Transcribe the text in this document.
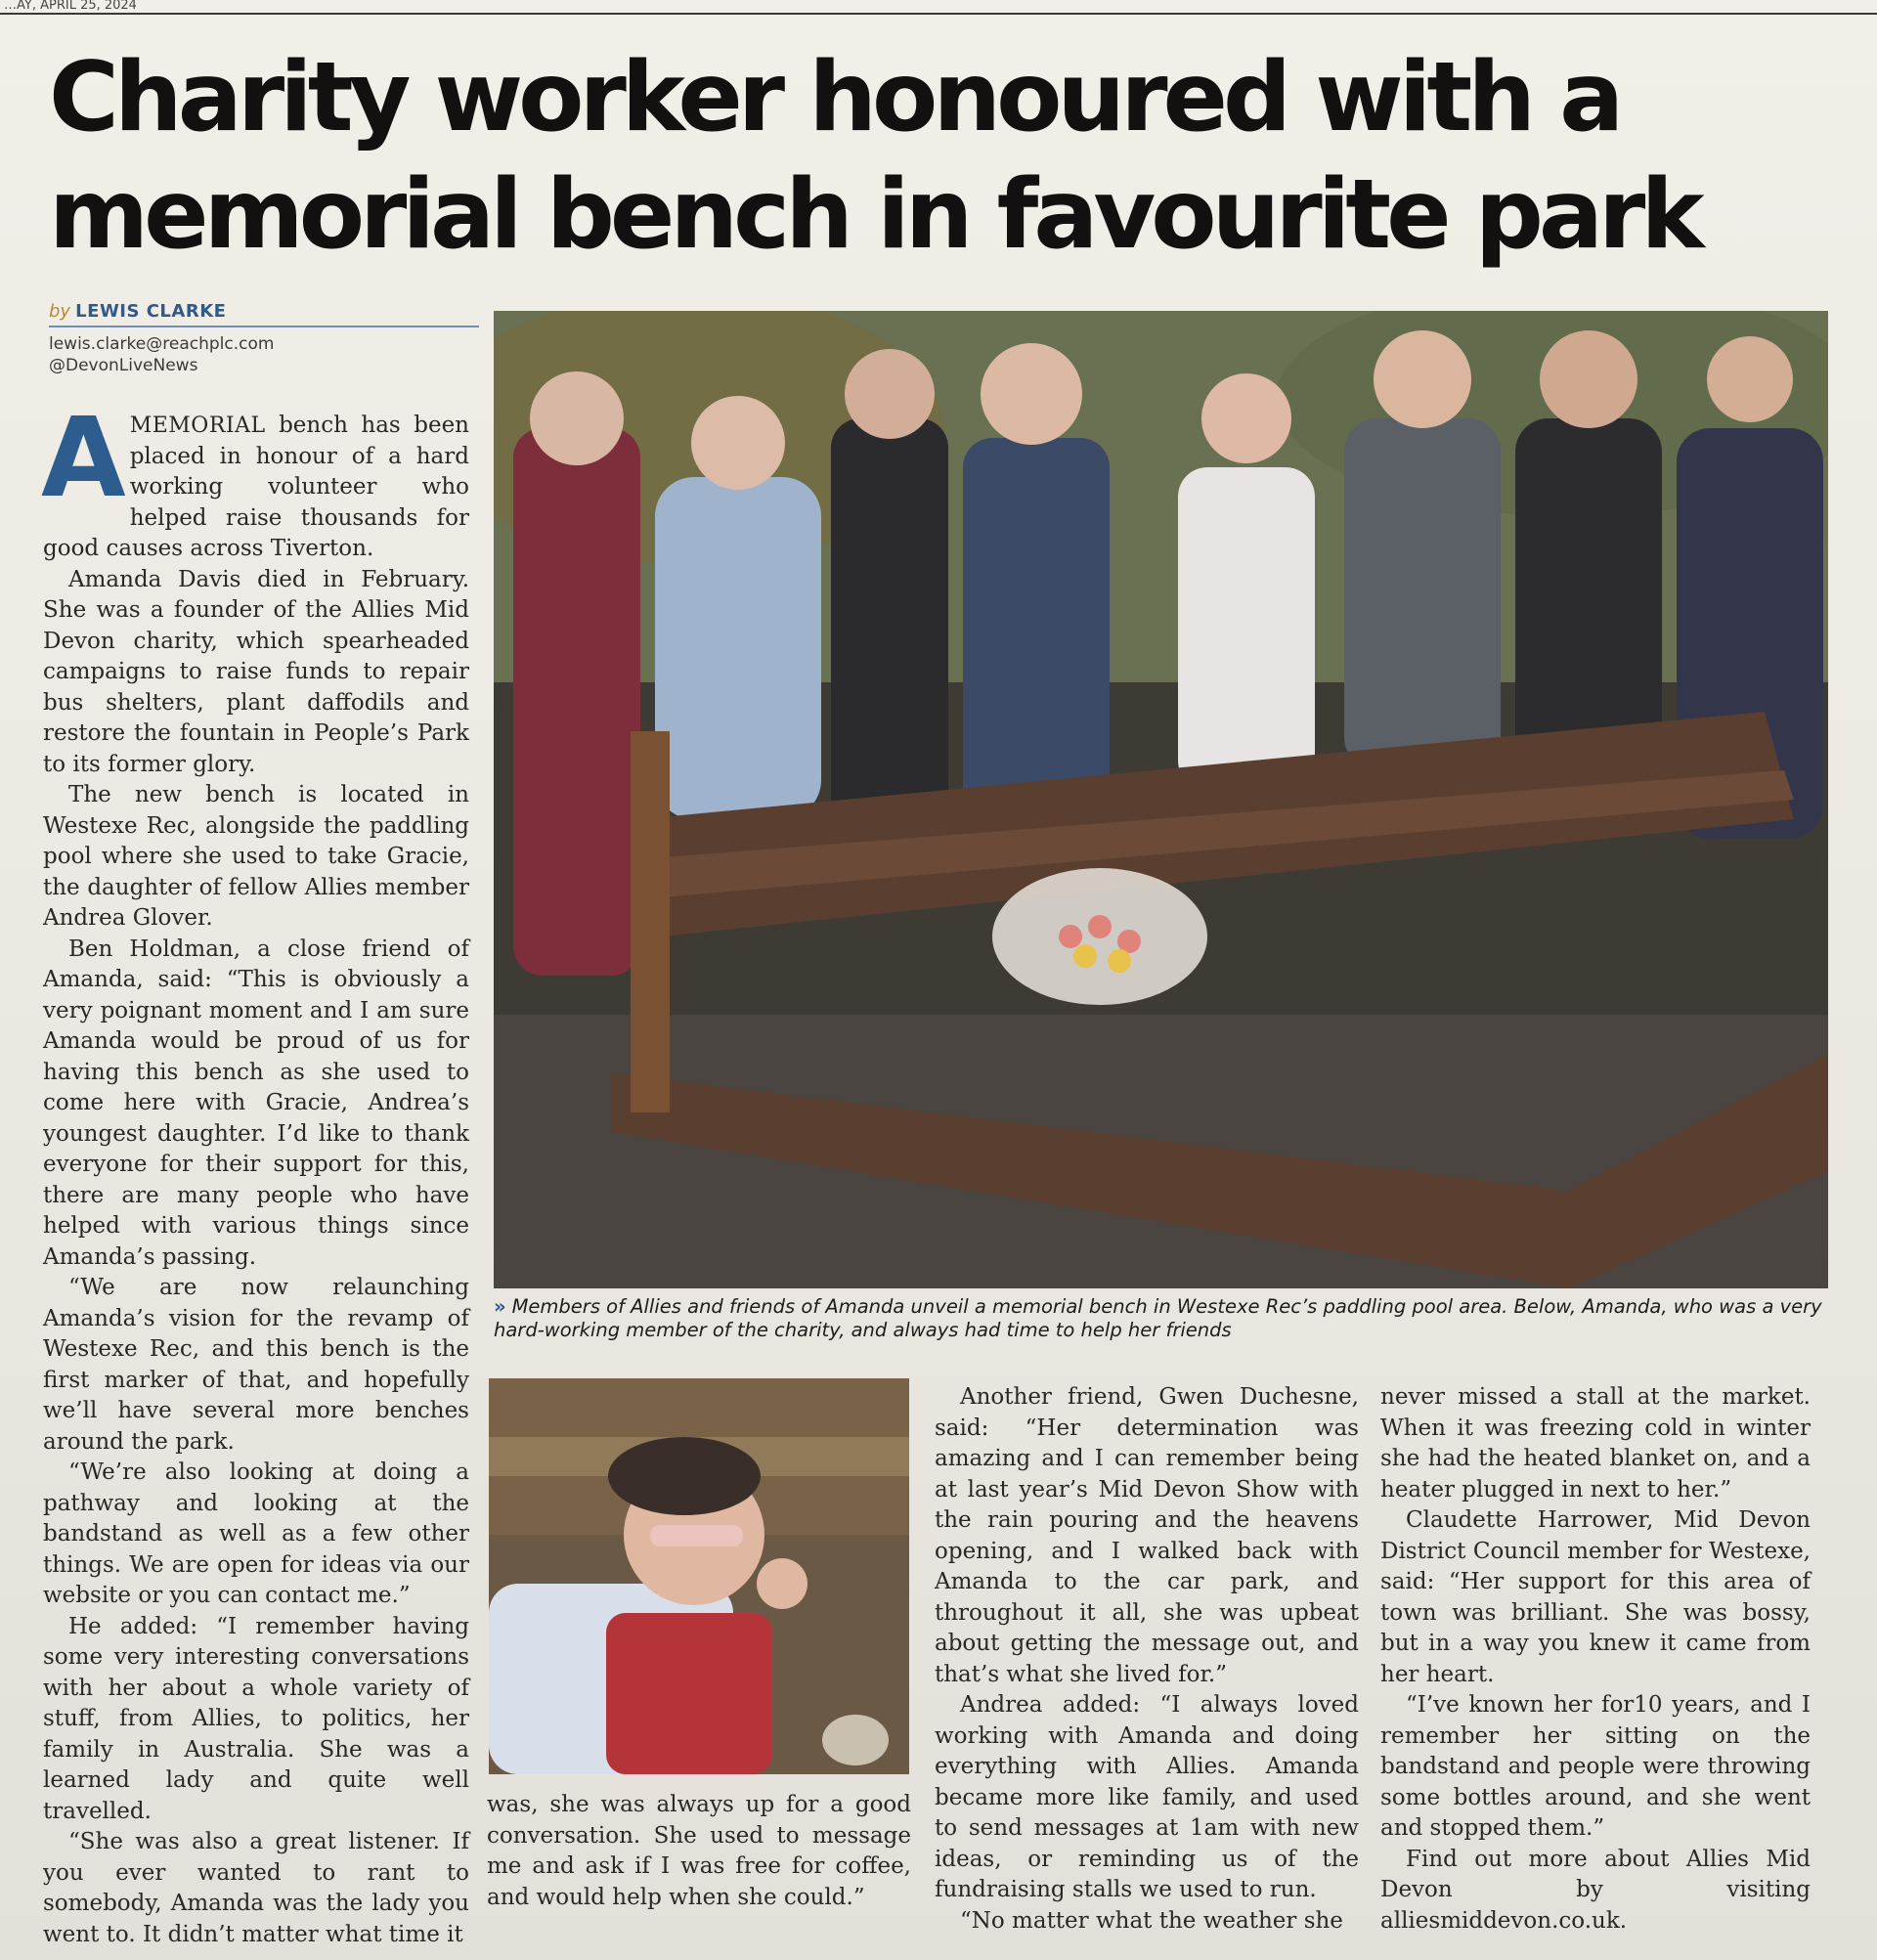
…AY, APRIL 25, 2024
Charity worker honoured with a
memorial bench in favourite park
by LEWIS CLARKE
lewis.clarke@reachplc.com
@DevonLiveNews

AMEMORIAL bench has been placed in honour of a hard working volunteer who helped raise thousands for good causes across Tiverton.

Amanda Davis died in February. She was a founder of the Allies Mid Devon charity, which spearheaded campaigns to raise funds to repair bus shelters, plant daffodils and restore the fountain in People’s Park to its former glory.

The new bench is located in Westexe Rec, alongside the paddling pool where she used to take Gracie, the daughter of fellow Allies member Andrea Glover.

Ben Holdman, a close friend of Amanda, said: “This is obviously a very poignant moment and I am sure Amanda would be proud of us for having this bench as she used to come here with Gracie, Andrea’s youngest daughter. I’d like to thank everyone for their support for this, there are many people who have helped with various things since Amanda’s passing.

“We are now relaunching Amanda’s vision for the revamp of Westexe Rec, and this bench is the first marker of that, and hopefully we’ll have several more benches around the park.

“We’re also looking at doing a pathway and looking at the bandstand as well as a few other things. We are open for ideas via our website or you can contact me.”

He added: “I remember having some very interesting conversations with her about a whole variety of stuff, from Allies, to politics, her family in Australia. She was a learned lady and quite well travelled.

“She was also a great listener. If you ever wanted to rant to somebody, Amanda was the lady you went to. It didn’t matter what time it

» Members of Allies and friends of Amanda unveil a memorial bench in Westexe Rec’s paddling pool area. Below, Amanda, who was a very hard-working member of the charity, and always had time to help her friends

was, she was always up for a good conversation. She used to message me and ask if I was free for coffee, and would help when she could.”

Another friend, Gwen Duchesne, said: “Her determination was amazing and I can remember being at last year’s Mid Devon Show with the rain pouring and the heavens opening, and I walked back with Amanda to the car park, and throughout it all, she was upbeat about getting the message out, and that’s what she lived for.”

Andrea added: “I always loved working with Amanda and doing everything with Allies. Amanda became more like family, and used to send messages at 1am with new ideas, or reminding us of the fundraising stalls we used to run.

“No matter what the weather she

never missed a stall at the market. When it was freezing cold in winter she had the heated blanket on, and a heater plugged in next to her.”

Claudette Harrower, Mid Devon District Council member for Westexe, said: “Her support for this area of town was brilliant. She was bossy, but in a way you knew it came from her heart.

“I’ve known her for10 years, and I remember her sitting on the bandstand and people were throwing some bottles around, and she went and stopped them.”

Find out more about Allies Mid Devon by visiting alliesmiddevon.co.uk.
